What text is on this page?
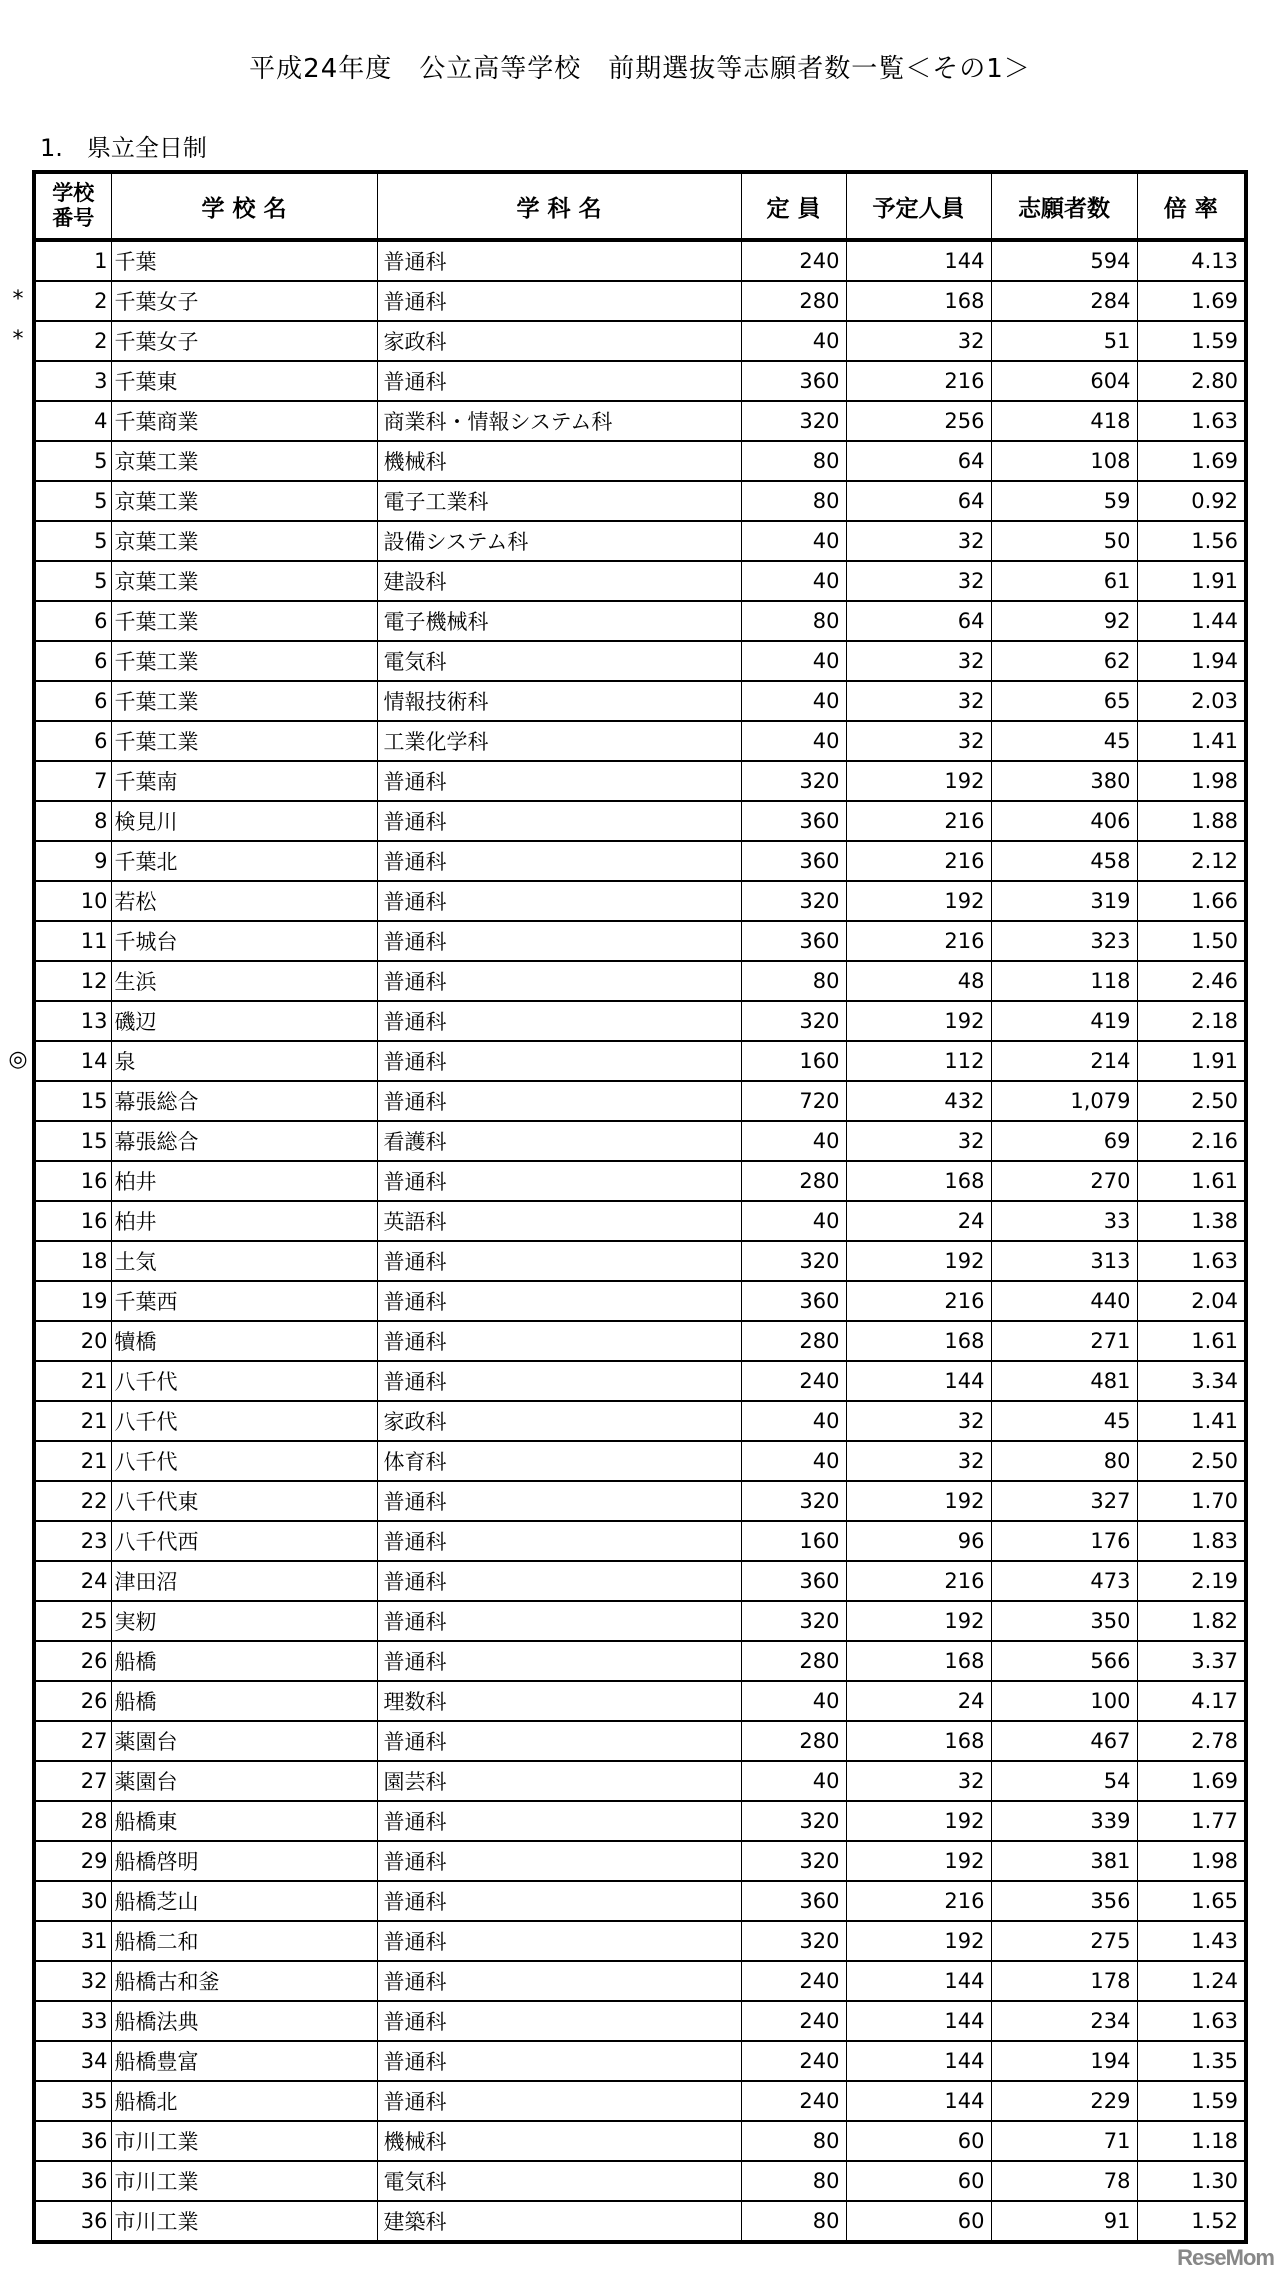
平成24年度　公立高等学校　前期選抜等志願者数一覧＜その1＞
1.　県立全日制
学校番号	学 校 名	学 科 名	定 員	予定人員	志願者数	倍 率
1	千葉	普通科	240	144	594	4.13
2	千葉女子	普通科	280	168	284	1.69
2	千葉女子	家政科	40	32	51	1.59
3	千葉東	普通科	360	216	604	2.80
4	千葉商業	商業科・情報システム科	320	256	418	1.63
5	京葉工業	機械科	80	64	108	1.69
5	京葉工業	電子工業科	80	64	59	0.92
5	京葉工業	設備システム科	40	32	50	1.56
5	京葉工業	建設科	40	32	61	1.91
6	千葉工業	電子機械科	80	64	92	1.44
6	千葉工業	電気科	40	32	62	1.94
6	千葉工業	情報技術科	40	32	65	2.03
6	千葉工業	工業化学科	40	32	45	1.41
7	千葉南	普通科	320	192	380	1.98
8	検見川	普通科	360	216	406	1.88
9	千葉北	普通科	360	216	458	2.12
10	若松	普通科	320	192	319	1.66
11	千城台	普通科	360	216	323	1.50
12	生浜	普通科	80	48	118	2.46
13	磯辺	普通科	320	192	419	2.18
14	泉	普通科	160	112	214	1.91
15	幕張総合	普通科	720	432	1,079	2.50
15	幕張総合	看護科	40	32	69	2.16
16	柏井	普通科	280	168	270	1.61
16	柏井	英語科	40	24	33	1.38
18	土気	普通科	320	192	313	1.63
19	千葉西	普通科	360	216	440	2.04
20	犢橋	普通科	280	168	271	1.61
21	八千代	普通科	240	144	481	3.34
21	八千代	家政科	40	32	45	1.41
21	八千代	体育科	40	32	80	2.50
22	八千代東	普通科	320	192	327	1.70
23	八千代西	普通科	160	96	176	1.83
24	津田沼	普通科	360	216	473	2.19
25	実籾	普通科	320	192	350	1.82
26	船橋	普通科	280	168	566	3.37
26	船橋	理数科	40	24	100	4.17
27	薬園台	普通科	280	168	467	2.78
27	薬園台	園芸科	40	32	54	1.69
28	船橋東	普通科	320	192	339	1.77
29	船橋啓明	普通科	320	192	381	1.98
30	船橋芝山	普通科	360	216	356	1.65
31	船橋二和	普通科	320	192	275	1.43
32	船橋古和釜	普通科	240	144	178	1.24
33	船橋法典	普通科	240	144	234	1.63
34	船橋豊富	普通科	240	144	194	1.35
35	船橋北	普通科	240	144	229	1.59
36	市川工業	機械科	80	60	71	1.18
36	市川工業	電気科	80	60	78	1.30
36	市川工業	建築科	80	60	91	1.52
*
*
◎
ReseMom
